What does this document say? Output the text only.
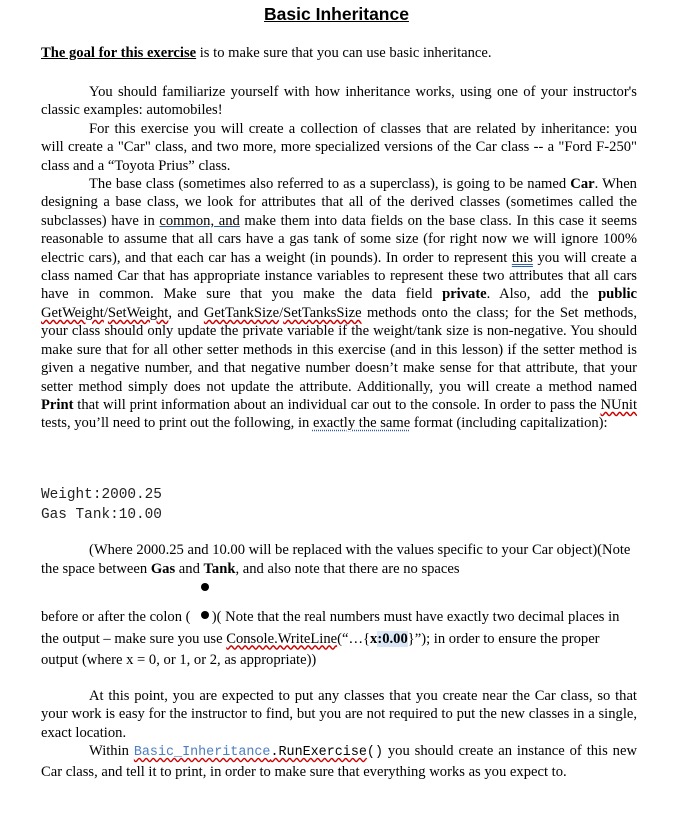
Basic Inheritance
The goal for this exercise is to make sure that you can use basic inheritance.

You should familiarize yourself with how inheritance works, using one of your instructor's classic examples: automobiles!

For this exercise you will create a collection of classes that are related by inheritance: you will create a "Car" class, and two more, more specialized versions of the Car class -- a "Ford F-250" class and a “Toyota Prius” class.

The base class (sometimes also referred to as a superclass), is going to be named Car. When designing a base class, we look for attributes that all of the derived classes (sometimes called the subclasses) have in common, and make them into data fields on the base class. In this case it seems reasonable to assume that all cars have a gas tank of some size (for right now we will ignore 100% electric cars), and that each car has a weight (in pounds). In order to represent this you will create a class named Car that has appropriate instance variables to represent these two attributes that all cars have in common. Make sure that you make the data field private. Also, add the public GetWeight/SetWeight, and GetTankSize/SetTanksSize methods onto the class; for the Set methods, your class should only update the private variable if the weight/tank size is non-negative. You should make sure that for all other setter methods in this exercise (and in this lesson) if the setter method is given a negative number, and that negative number doesn’t make sense for that attribute, that your setter method simply does not update the attribute. Additionally, you will create a method named Print that will print information about an individual car out to the console. In order to pass the NUnit tests, you’ll need to print out the following, in exactly the same format (including capitalization):

Weight:2000.25
Gas Tank:10.00
(Where 2000.25 and 10.00 will be replaced with the values specific to your Car object)(Note the space between Gas and Tank, and also note that there are no spaces
before or after the colon (  )( Note that the real numbers must have exactly two decimal places in the output – make sure you use Console.WriteLine(“…{x:0.00}”); in order to ensure the proper output (where x = 0, or 1, or 2, as appropriate))

At this point, you are expected to put any classes that you create near the Car class, so that your work is easy for the instructor to find, but you are not required to put the new classes in a single, exact location.

Within Basic_Inheritance.RunExercise() you should create an instance of this new Car class, and tell it to print, in order to make sure that everything works as you expect to.
